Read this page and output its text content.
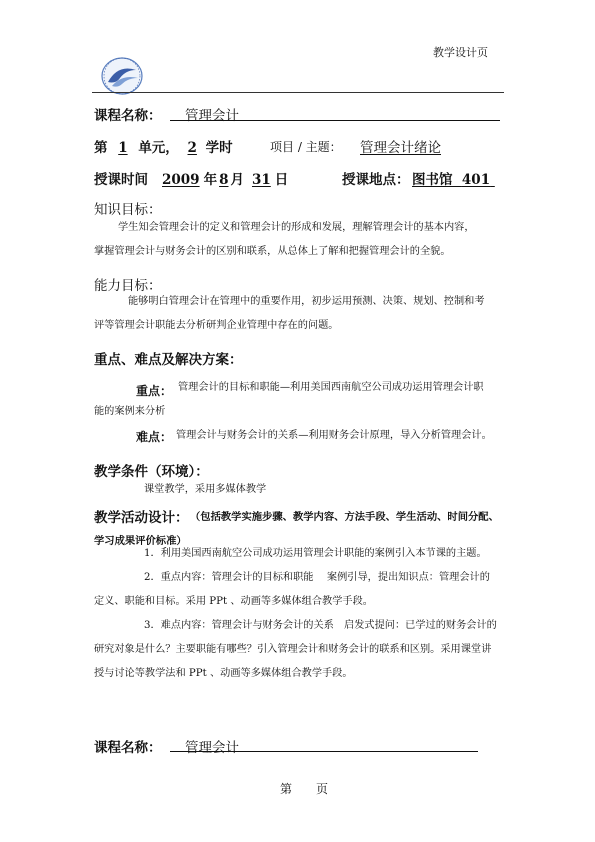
教学设计页
课程名称： 管理会计
第 1 单元， 2 学时	项目 / 主题： 管理会计绪论
授课时间 2009 年 8 月 31 日	授课地点： 图书馆 401
知识目标：
学生知会管理会计的定义和管理会计的形成和发展，理解管理会计的基本内容，
掌握管理会计与财务会计的区别和联系，从总体上了解和把握管理会计的全貌。
能力目标：
能够明白管理会计在管理中的重要作用，初步运用预测、决策、规划、控制和考
评等管理会计职能去分析研判企业管理中存在的问题。
重点、难点及解决方案：
重点： 管理会计的目标和职能—利用美国西南航空公司成功运用管理会计职
能的案例来分析
难点： 管理会计与财务会计的关系—利用财务会计原理，导入分析管理会计。
教学条件（环境）：
课堂教学，采用多媒体教学
教学活动设计： （包括教学实施步骤、教学内容、方法手段、学生活动、时间分配、
学习成果评价标准）
1．利用美国西南航空公司成功运用管理会计职能的案例引入本节课的主题。
2．重点内容：管理会计的目标和职能　 案例引导，提出知识点：管理会计的
定义、职能和目标。采用 PPt 、动画等多媒体组合教学手段。
3．难点内容：管理会计与财务会计的关系　启发式提问：已学过的财务会计的
研究对象是什么？主要职能有哪些？引入管理会计和财务会计的联系和区别。采用课堂讲
授与讨论等教学法和 PPt 、动画等多媒体组合教学手段。
课程名称： 管理会计
第　　页
